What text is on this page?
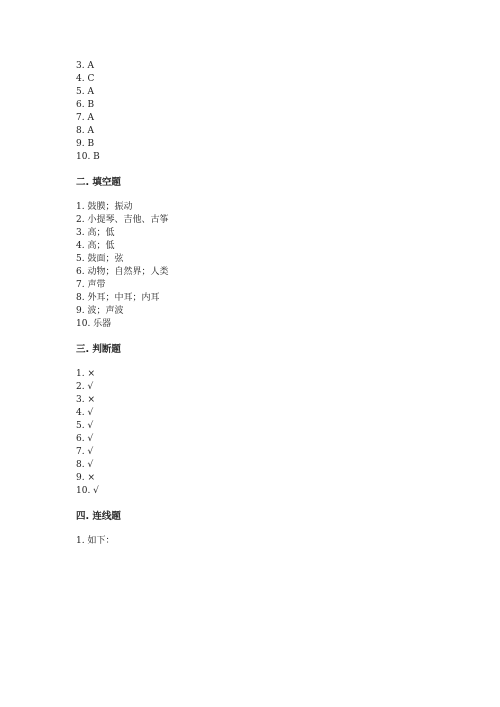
3. A
4. C
5. A
6. B
7. A
8. A
9. B
10. B
二. 填空题
1. 鼓膜；振动
2. 小提琴、吉他、古筝
3. 高；低
4. 高；低
5. 鼓面；弦
6. 动物；自然界；人类
7. 声带
8. 外耳；中耳；内耳
9. 波；声波
10. 乐器
三. 判断题
1. ×
2. √
3. ×
4. √
5. √
6. √
7. √
8. √
9. ×
10. √
四. 连线题
1. 如下：
